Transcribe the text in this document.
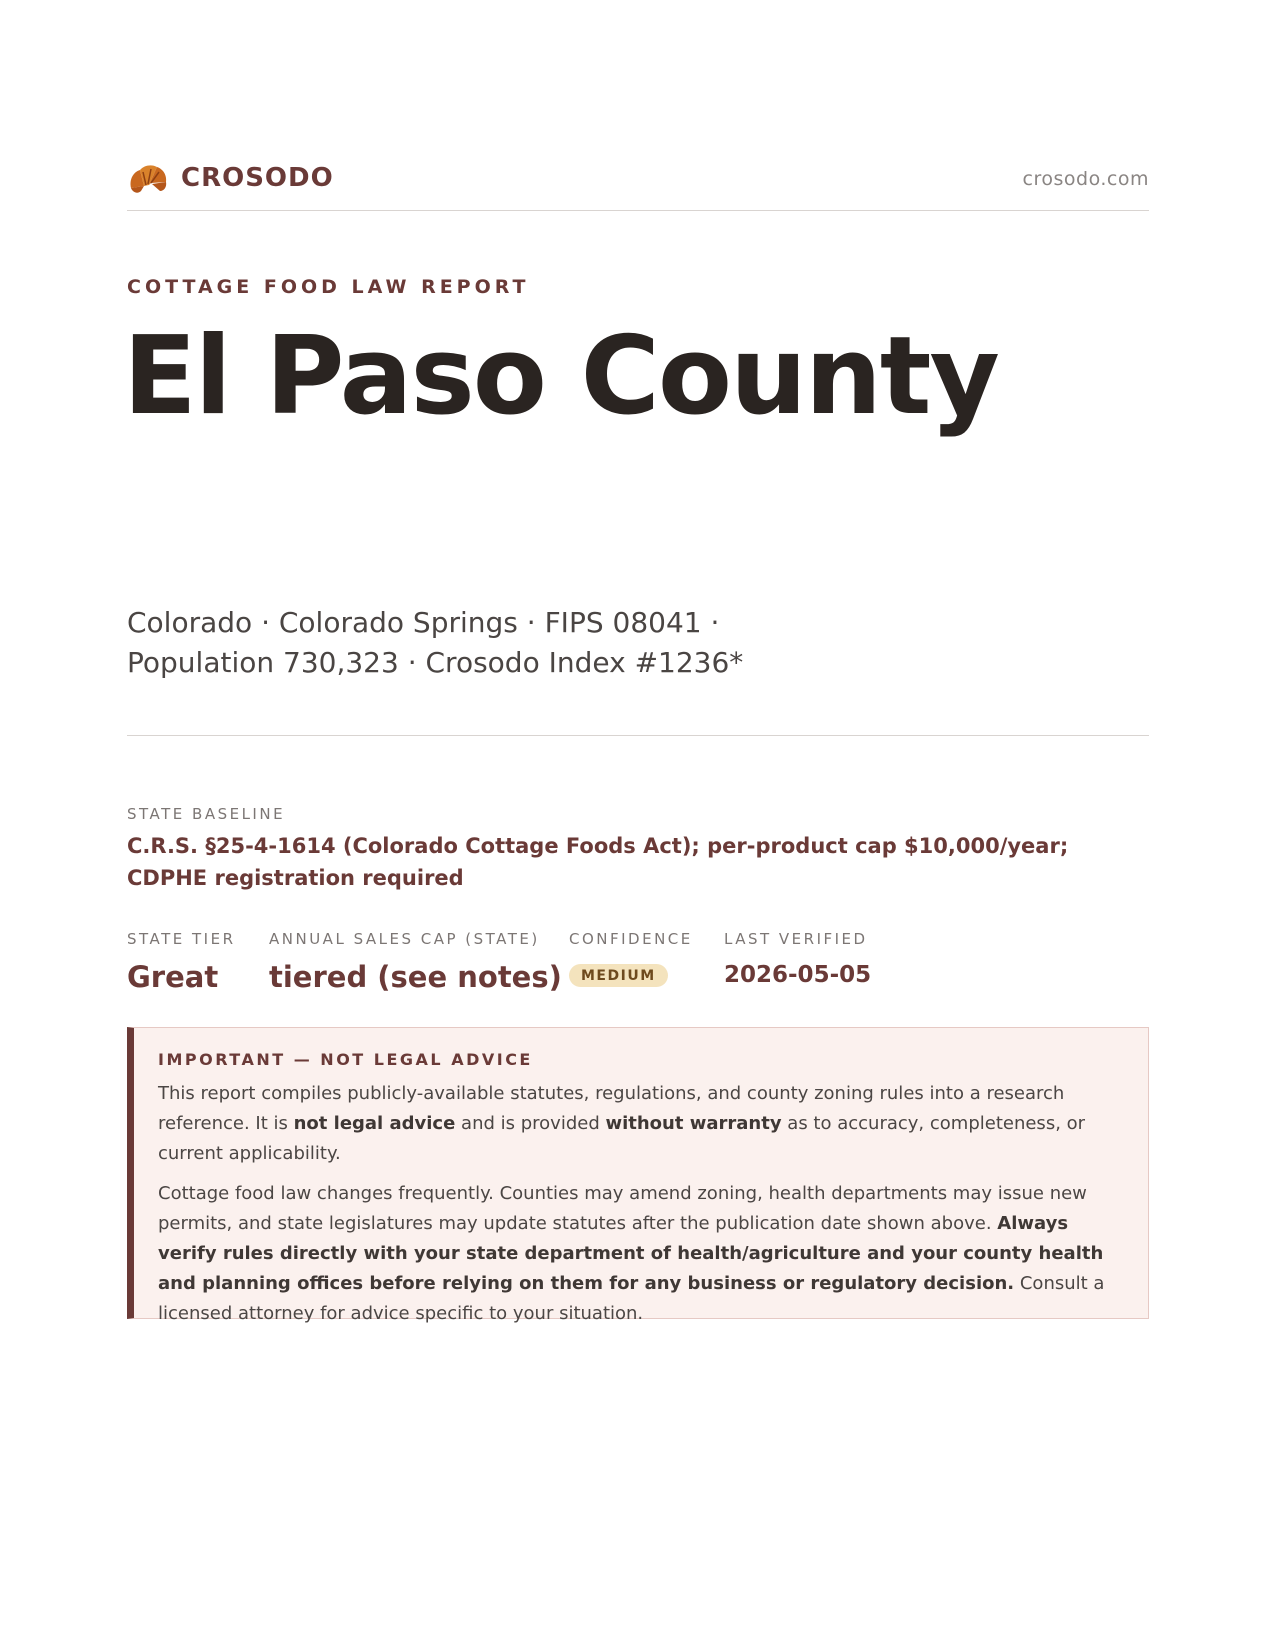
CROSODO	crosodo.com
COTTAGE FOOD LAW REPORT
El Paso County
Colorado · Colorado Springs · FIPS 08041 · Population 730,323 · Crosodo Index #1236*
STATE BASELINE
C.R.S. §25-4-1614 (Colorado Cottage Foods Act); per-product cap $10,000/year; CDPHE registration required
STATE TIER
Great
ANNUAL SALES CAP (STATE)
tiered (see notes)
CONFIDENCE
MEDIUM
LAST VERIFIED
2026-05-05
IMPORTANT — NOT LEGAL ADVICE

This report compiles publicly-available statutes, regulations, and county zoning rules into a research reference. It is not legal advice and is provided without warranty as to accuracy, completeness, or current applicability.

Cottage food law changes frequently. Counties may amend zoning, health departments may issue new permits, and state legislatures may update statutes after the publication date shown above. Always verify rules directly with your state department of health/agriculture and your county health and planning offices before relying on them for any business or regulatory decision. Consult a licensed attorney for advice specific to your situation.
